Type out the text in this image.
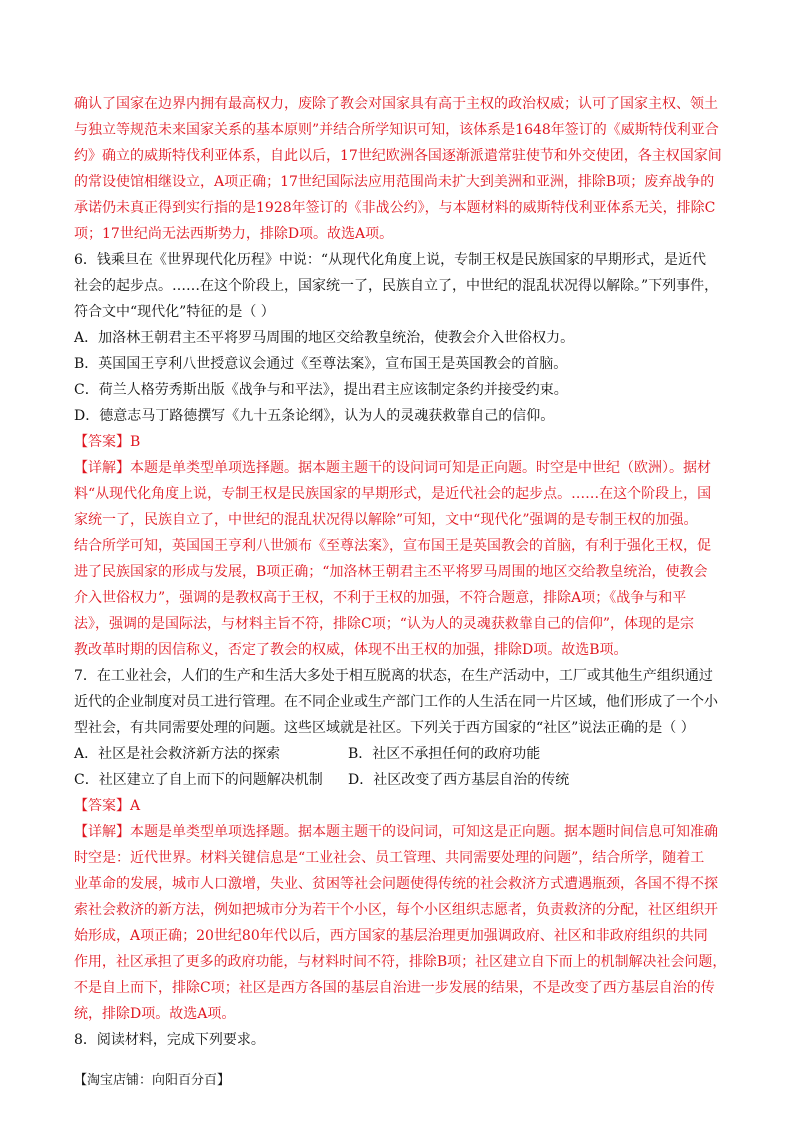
确认了国家在边界内拥有最高权力，废除了教会对国家具有高于主权的政治权威；认可了国家主权、领土
与独立等规范未来国家关系的基本原则”并结合所学知识可知，该体系是1648年签订的《威斯特伐利亚合
约》确立的威斯特伐利亚体系，自此以后，17世纪欧洲各国逐渐派遣常驻使节和外交使团，各主权国家间
的常设使馆相继设立，A项正确；17世纪国际法应用范围尚未扩大到美洲和亚洲，排除B项；废弃战争的
承诺仍未真正得到实行指的是1928年签订的《非战公约》，与本题材料的威斯特伐利亚体系无关，排除C
项；17世纪尚无法西斯势力，排除D项。故选A项。
6．钱乘旦在《世界现代化历程》中说：“从现代化角度上说，专制王权是民族国家的早期形式，是近代
社会的起步点。……在这个阶段上，国家统一了，民族自立了，中世纪的混乱状况得以解除。”下列事件，
符合文中“现代化”特征的是（ ）
A．加洛林王朝君主丕平将罗马周围的地区交给教皇统治，使教会介入世俗权力。
B．英国国王亨利八世授意议会通过《至尊法案》，宣布国王是英国教会的首脑。
C．荷兰人格劳秀斯出版《战争与和平法》，提出君主应该制定条约并接受约束。
D．德意志马丁路德撰写《九十五条论纲》，认为人的灵魂获救靠自己的信仰。
【答案】B
【详解】本题是单类型单项选择题。据本题主题干的设问词可知是正向题。时空是中世纪（欧洲）。据材
料“从现代化角度上说，专制王权是民族国家的早期形式，是近代社会的起步点。……在这个阶段上，国
家统一了，民族自立了，中世纪的混乱状况得以解除”可知，文中“现代化”强调的是专制王权的加强。
结合所学可知，英国国王亨利八世颁布《至尊法案》，宣布国王是英国教会的首脑，有利于强化王权，促
进了民族国家的形成与发展，B项正确；“加洛林王朝君主丕平将罗马周围的地区交给教皇统治，使教会
介入世俗权力”，强调的是教权高于王权，不利于王权的加强，不符合题意，排除A项；《战争与和平
法》，强调的是国际法，与材料主旨不符，排除C项；“认为人的灵魂获救靠自己的信仰”，体现的是宗
教改革时期的因信称义，否定了教会的权威，体现不出王权的加强，排除D项。故选B项。
7．在工业社会，人们的生产和生活大多处于相互脱离的状态，在生产活动中，工厂或其他生产组织通过
近代的企业制度对员工进行管理。在不同企业或生产部门工作的人生活在同一片区域，他们形成了一个小
型社会，有共同需要处理的问题。这些区域就是社区。下列关于西方国家的“社区”说法正确的是（ ）
A．社区是社会救济新方法的探索	B．社区不承担任何的政府功能
C．社区建立了自上而下的问题解决机制 D．社区改变了西方基层自治的传统
【答案】A
【详解】本题是单类型单项选择题。据本题主题干的设问词，可知这是正向题。据本题时间信息可知准确
时空是：近代世界。材料关键信息是“工业社会、员工管理、共同需要处理的问题”，结合所学，随着工
业革命的发展，城市人口激增，失业、贫困等社会问题使得传统的社会救济方式遭遇瓶颈，各国不得不探
索社会救济的新方法，例如把城市分为若干个小区，每个小区组织志愿者，负责救济的分配，社区组织开
始形成，A项正确；20世纪80年代以后，西方国家的基层治理更加强调政府、社区和非政府组织的共同
作用，社区承担了更多的政府功能，与材料时间不符，排除B项；社区建立自下而上的机制解决社会问题，
不是自上而下，排除C项；社区是西方各国的基层自治进一步发展的结果，不是改变了西方基层自治的传
统，排除D项。故选A项。
8．阅读材料，完成下列要求。
【淘宝店铺：向阳百分百】
